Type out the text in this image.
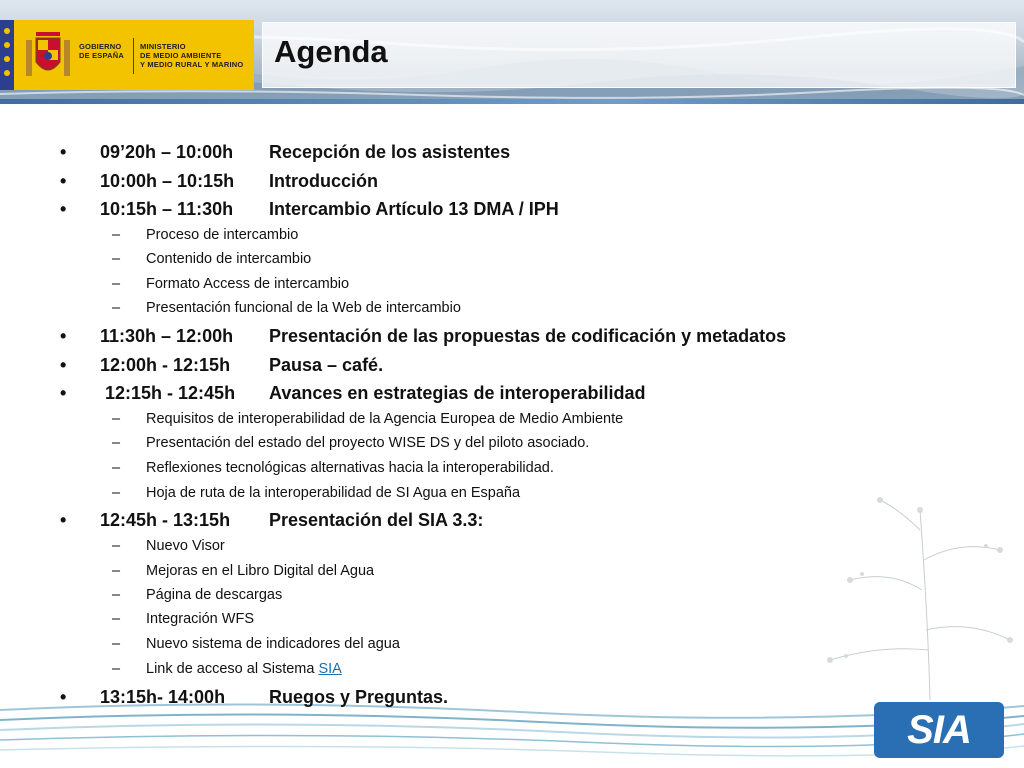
GOBIERNO
DE ESPAÑA
MINISTERIO
DE MEDIO AMBIENTE
Y MEDIO RURAL Y MARINO Agenda
SIA
• 09’20h – 10:00h Recepción de los asistentes
• 10:00h – 10:15h Introducción
• 10:15h – 11:30h Intercambio Artículo 13 DMA / IPH
– Proceso de intercambio
– Contenido de intercambio
– Formato Access de intercambio
– Presentación funcional de la Web de intercambio
• 11:30h – 12:00h Presentación de las propuestas de codificación y metadatos
• 12:00h - 12:15h Pausa – café.
• 12:15h - 12:45h Avances en estrategias de interoperabilidad
– Requisitos de interoperabilidad de la Agencia Europea de Medio Ambiente
– Presentación del estado del proyecto WISE DS y del piloto asociado.
– Reflexiones tecnológicas alternativas hacia la interoperabilidad.
– Hoja de ruta de la interoperabilidad de SI Agua en España
• 12:45h - 13:15h Presentación del SIA 3.3:
– Nuevo Visor
– Mejoras en el Libro Digital del Agua
– Página de descargas
– Integración WFS
– Nuevo sistema de indicadores del agua
– Link de acceso al Sistema SIA
• 13:15h- 14:00h Ruegos y Preguntas.
